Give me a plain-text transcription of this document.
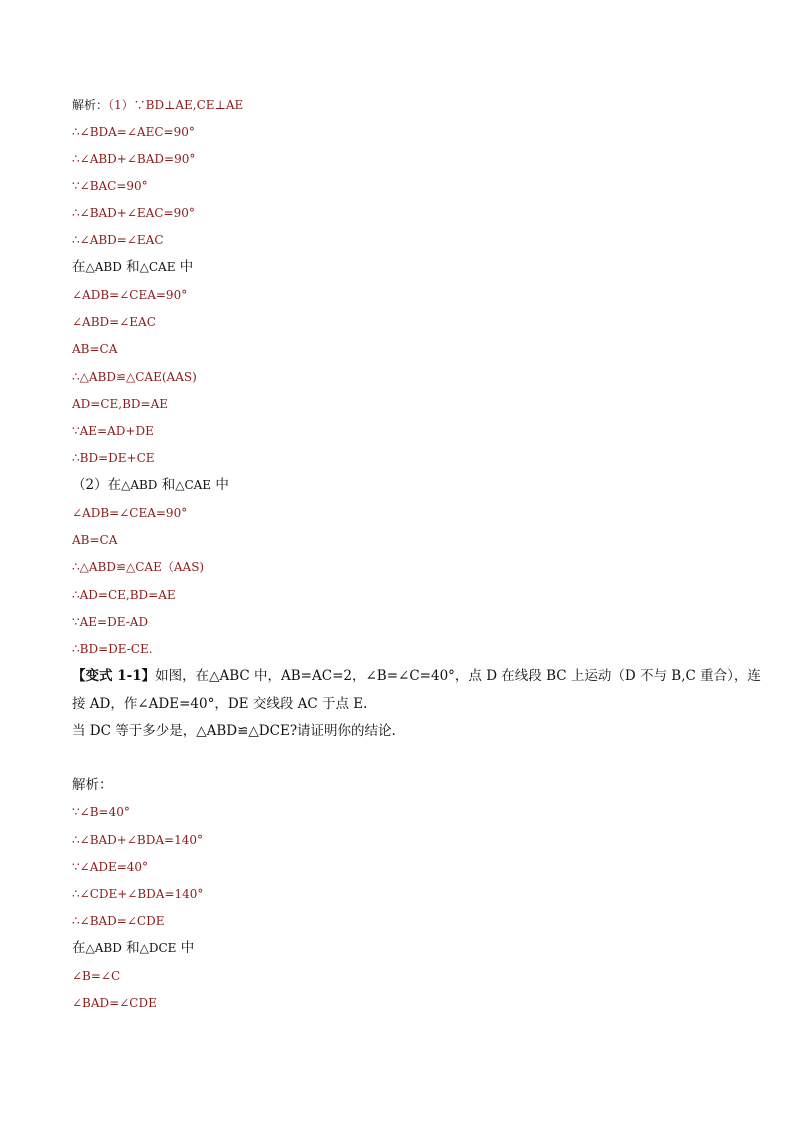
解析：（1）∵BD⊥AE,CE⊥AE
∴∠BDA=∠AEC=90°
∴∠ABD+∠BAD=90°
∵∠BAC=90°
∴∠BAD+∠EAC=90°
∴∠ABD=∠EAC
在△ABD 和△CAE 中
∠ADB=∠CEA=90°
∠ABD=∠EAC
AB=CA
∴△ABD≌△CAE(AAS)
AD=CE,BD=AE
∵AE=AD+DE
∴BD=DE+CE
（2）在△ABD 和△CAE 中
∠ADB=∠CEA=90°
AB=CA
∴△ABD≌△CAE（AAS)
∴AD=CE,BD=AE
∵AE=DE-AD
∴BD=DE-CE.
【变式 1-1】如图，在△ABC 中，AB=AC=2，∠B=∠C=40°，点 D 在线段 BC 上运动（D 不与 B,C 重合），连
接 AD，作∠ADE=40°，DE 交线段 AC 于点 E.
当 DC 等于多少是，△ABD≌△DCE?请证明你的结论.
解析：
∵∠B=40°
∴∠BAD+∠BDA=140°
∵∠ADE=40°
∴∠CDE+∠BDA=140°
∴∠BAD=∠CDE
在△ABD 和△DCE 中
∠B=∠C
∠BAD=∠CDE
